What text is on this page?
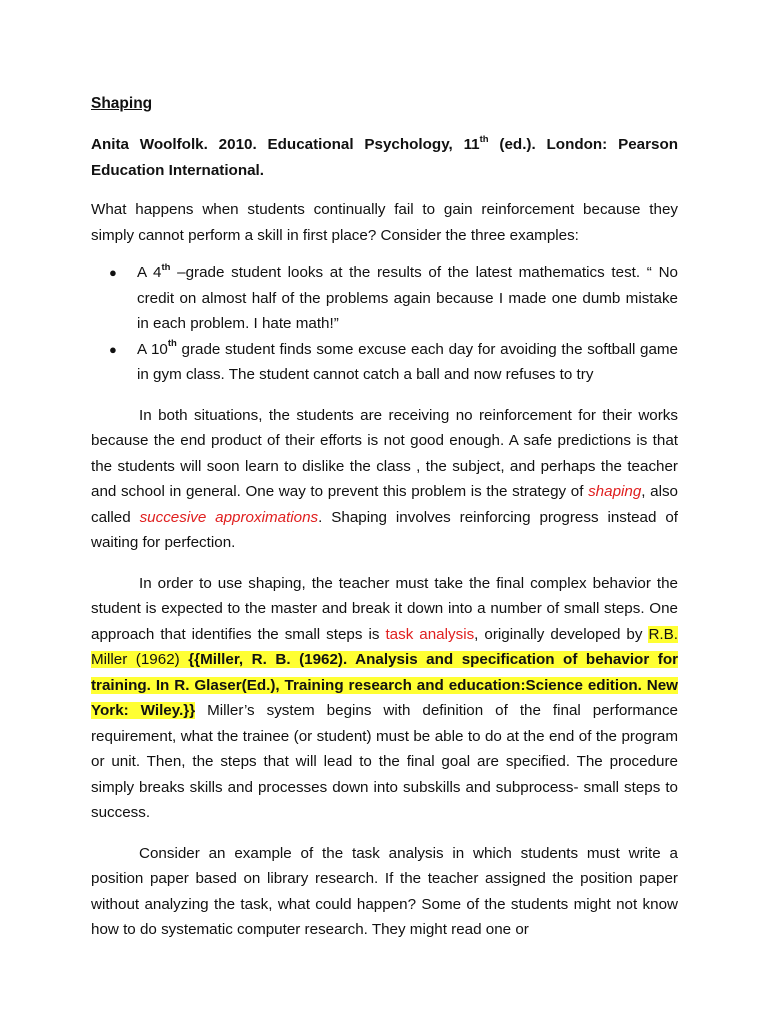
Shaping

Anita Woolfolk. 2010. Educational Psychology, 11th (ed.). London: Pearson Education International.

What happens when students continually fail to gain reinforcement because they simply cannot perform a skill in first place? Consider the three examples:

● A 4th –grade student looks at the results of the latest mathematics test. “ No credit on almost half of the problems again because I made one dumb mistake in each problem. I hate math!”
● A 10th grade student finds some excuse each day for avoiding the softball game in gym class. The student cannot catch a ball and now refuses to try

In both situations, the students are receiving no reinforcement for their works because the end product of their efforts is not good enough. A safe predictions is that the students will soon learn to dislike the class , the subject, and perhaps the teacher and school in general. One way to prevent this problem is the strategy of shaping, also called succesive approximations. Shaping involves reinforcing progress instead of waiting for perfection.

In order to use shaping, the teacher must take the final complex behavior the student is expected to the master and break it down into a number of small steps. One approach that identifies the small steps is task analysis, originally developed by R.B. Miller (1962) {{Miller, R. B. (1962). Analysis and specification of behavior for training. In R. Glaser(Ed.), Training research and education:Science edition. New York: Wiley.}} Miller’s system begins with definition of the final performance requirement, what the trainee (or student) must be able to do at the end of the program or unit. Then, the steps that will lead to the final goal are specified. The procedure simply breaks skills and processes down into subskills and subprocess- small steps to success.

Consider an example of the task analysis in which students must write a position paper based on library research. If the teacher assigned the position paper without analyzing the task, what could happen? Some of the students might not know how to do systematic computer research. They might read one or
